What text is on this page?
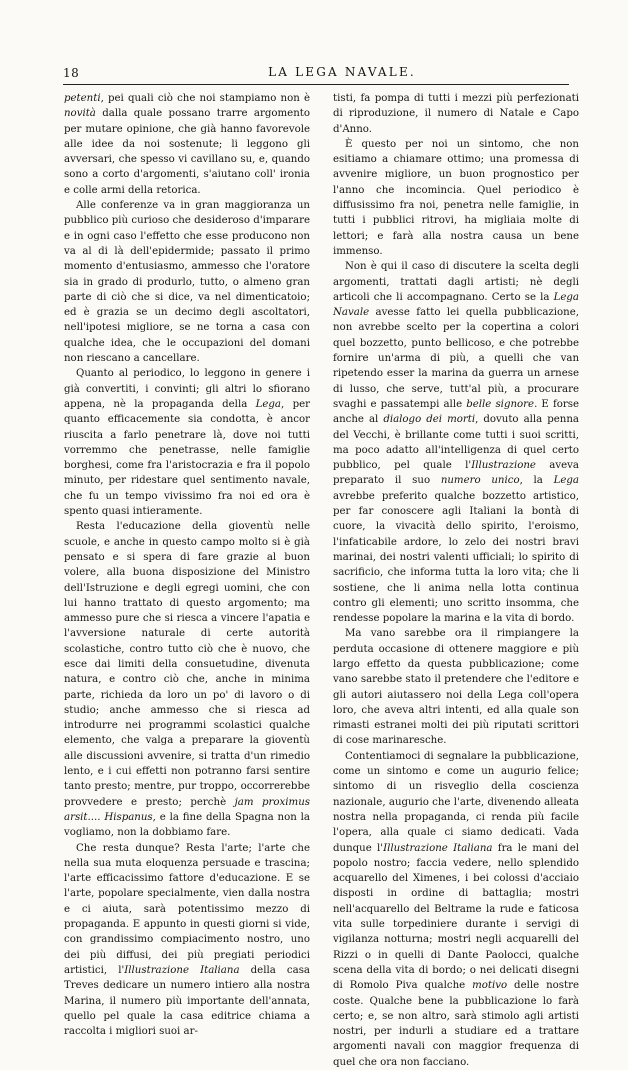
18	LA LEGA NAVALE.

petenti, pei quali ciò che noi stampiamo non è novità dalla quale possano trarre argomento per mutare opinione, che già hanno favorevole alle idee da noi sostenute; li leggono gli avversari, che spesso vi cavillano su, e, quando sono a corto d'argomenti, s'aiutano coll' ironia e colle armi della retorica.

Alle conferenze va in gran maggioranza un pubblico più curioso che desideroso d'imparare e in ogni caso l'effetto che esse producono non va al di là dell'epidermide; passato il primo momento d'entusiasmo, ammesso che l'oratore sia in grado di produrlo, tutto, o almeno gran parte di ciò che si dice, va nel dimenticatoio; ed è grazia se un decimo degli ascoltatori, nell'ipotesi migliore, se ne torna a casa con qualche idea, che le occupazioni del domani non riescano a cancellare.

Quanto al periodico, lo leggono in genere i già convertiti, i convinti; gli altri lo sfiorano appena, nè la propaganda della Lega, per quanto efficacemente sia condotta, è ancor riuscita a farlo penetrare là, dove noi tutti vorremmo che penetrasse, nelle famiglie borghesi, come fra l'aristocrazia e fra il popolo minuto, per ridestare quel sentimento navale, che fu un tempo vivissimo fra noi ed ora è spento quasi intieramente.

Resta l'educazione della gioventù nelle scuole, e anche in questo campo molto si è già pensato e si spera di fare grazie al buon volere, alla buona disposizione del Ministro dell'Istruzione e degli egregi uomini, che con lui hanno trattato di questo argomento; ma ammesso pure che si riesca a vincere l'apatia e l'avversione naturale di certe autorità scolastiche, contro tutto ciò che è nuovo, che esce dai limiti della consuetudine, divenuta natura, e contro ciò che, anche in minima parte, richieda da loro un po' di lavoro o di studio; anche ammesso che si riesca ad introdurre nei programmi scolastici qualche elemento, che valga a preparare la gioventù alle discussioni avvenire, si tratta d'un rimedio lento, e i cui effetti non potranno farsi sentire tanto presto; mentre, pur troppo, occorrerebbe provvedere e presto; perchè jam proximus arsit.... Hispanus, e la fine della Spagna non la vogliamo, non la dobbiamo fare.

Che resta dunque? Resta l'arte; l'arte che nella sua muta eloquenza persuade e trascina; l'arte efficacissimo fattore d'educazione. E se l'arte, popolare specialmente, vien dalla nostra e ci aiuta, sarà potentissimo mezzo di propaganda. E appunto in questi giorni si vide, con grandissimo compiacimento nostro, uno dei più diffusi, dei più pregiati periodici artistici, l'Illustrazione Italiana della casa Treves dedicare un numero intiero alla nostra Marina, il numero più importante dell'annata, quello pel quale la casa editrice chiama a raccolta i migliori suoi ar-

tisti, fa pompa di tutti i mezzi più perfezionati di riproduzione, il numero di Natale e Capo d'Anno.

È questo per noi un sintomo, che non esitiamo a chiamare ottimo; una promessa di avvenire migliore, un buon prognostico per l'anno che incomincia. Quel periodico è diffusissimo fra noi, penetra nelle famiglie, in tutti i pubblici ritrovi, ha migliaia molte di lettori; e farà alla nostra causa un bene immenso.

Non è qui il caso di discutere la scelta degli argomenti, trattati dagli artisti; nè degli articoli che li accompagnano. Certo se la Lega Navale avesse fatto lei quella pubblicazione, non avrebbe scelto per la copertina a colori quel bozzetto, punto bellicoso, e che potrebbe fornire un'arma di più, a quelli che van ripetendo esser la marina da guerra un arnese di lusso, che serve, tutt'al più, a procurare svaghi e passatempi alle belle signore. E forse anche al dialogo dei morti, dovuto alla penna del Vecchi, è brillante come tutti i suoi scritti, ma poco adatto all'intelligenza di quel certo pubblico, pel quale l'Illustrazione aveva preparato il suo numero unico, la Lega avrebbe preferito qualche bozzetto artistico, per far conoscere agli Italiani la bontà di cuore, la vivacità dello spirito, l'eroismo, l'infaticabile ardore, lo zelo dei nostri bravi marinai, dei nostri valenti ufficiali; lo spirito di sacrificio, che informa tutta la loro vita; che li sostiene, che li anima nella lotta continua contro gli elementi; uno scritto insomma, che rendesse popolare la marina e la vita di bordo.

Ma vano sarebbe ora il rimpiangere la perduta occasione di ottenere maggiore e più largo effetto da questa pubblicazione; come vano sarebbe stato il pretendere che l'editore e gli autori aiutassero noi della Lega coll'opera loro, che aveva altri intenti, ed alla quale son rimasti estranei molti dei più riputati scrittori di cose marinaresche.

Contentiamoci di segnalare la pubblicazione, come un sintomo e come un augurio felice; sintomo di un risveglio della coscienza nazionale, augurio che l'arte, divenendo alleata nostra nella propaganda, ci renda più facile l'opera, alla quale ci siamo dedicati. Vada dunque l'Illustrazione Italiana fra le mani del popolo nostro; faccia vedere, nello splendido acquarello del Ximenes, i bei colossi d'acciaio disposti in ordine di battaglia; mostri nell'acquarello del Beltrame la rude e faticosa vita sulle torpediniere durante i servigi di vigilanza notturna; mostri negli acquarelli del Rizzi o in quelli di Dante Paolocci, qualche scena della vita di bordo; o nei delicati disegni di Romolo Piva qualche motivo delle nostre coste. Qualche bene la pubblicazione lo farà certo; e, se non altro, sarà stimolo agli artisti nostri, per indurli a studiare ed a trattare argomenti navali con maggior frequenza di quel che ora non facciano.
